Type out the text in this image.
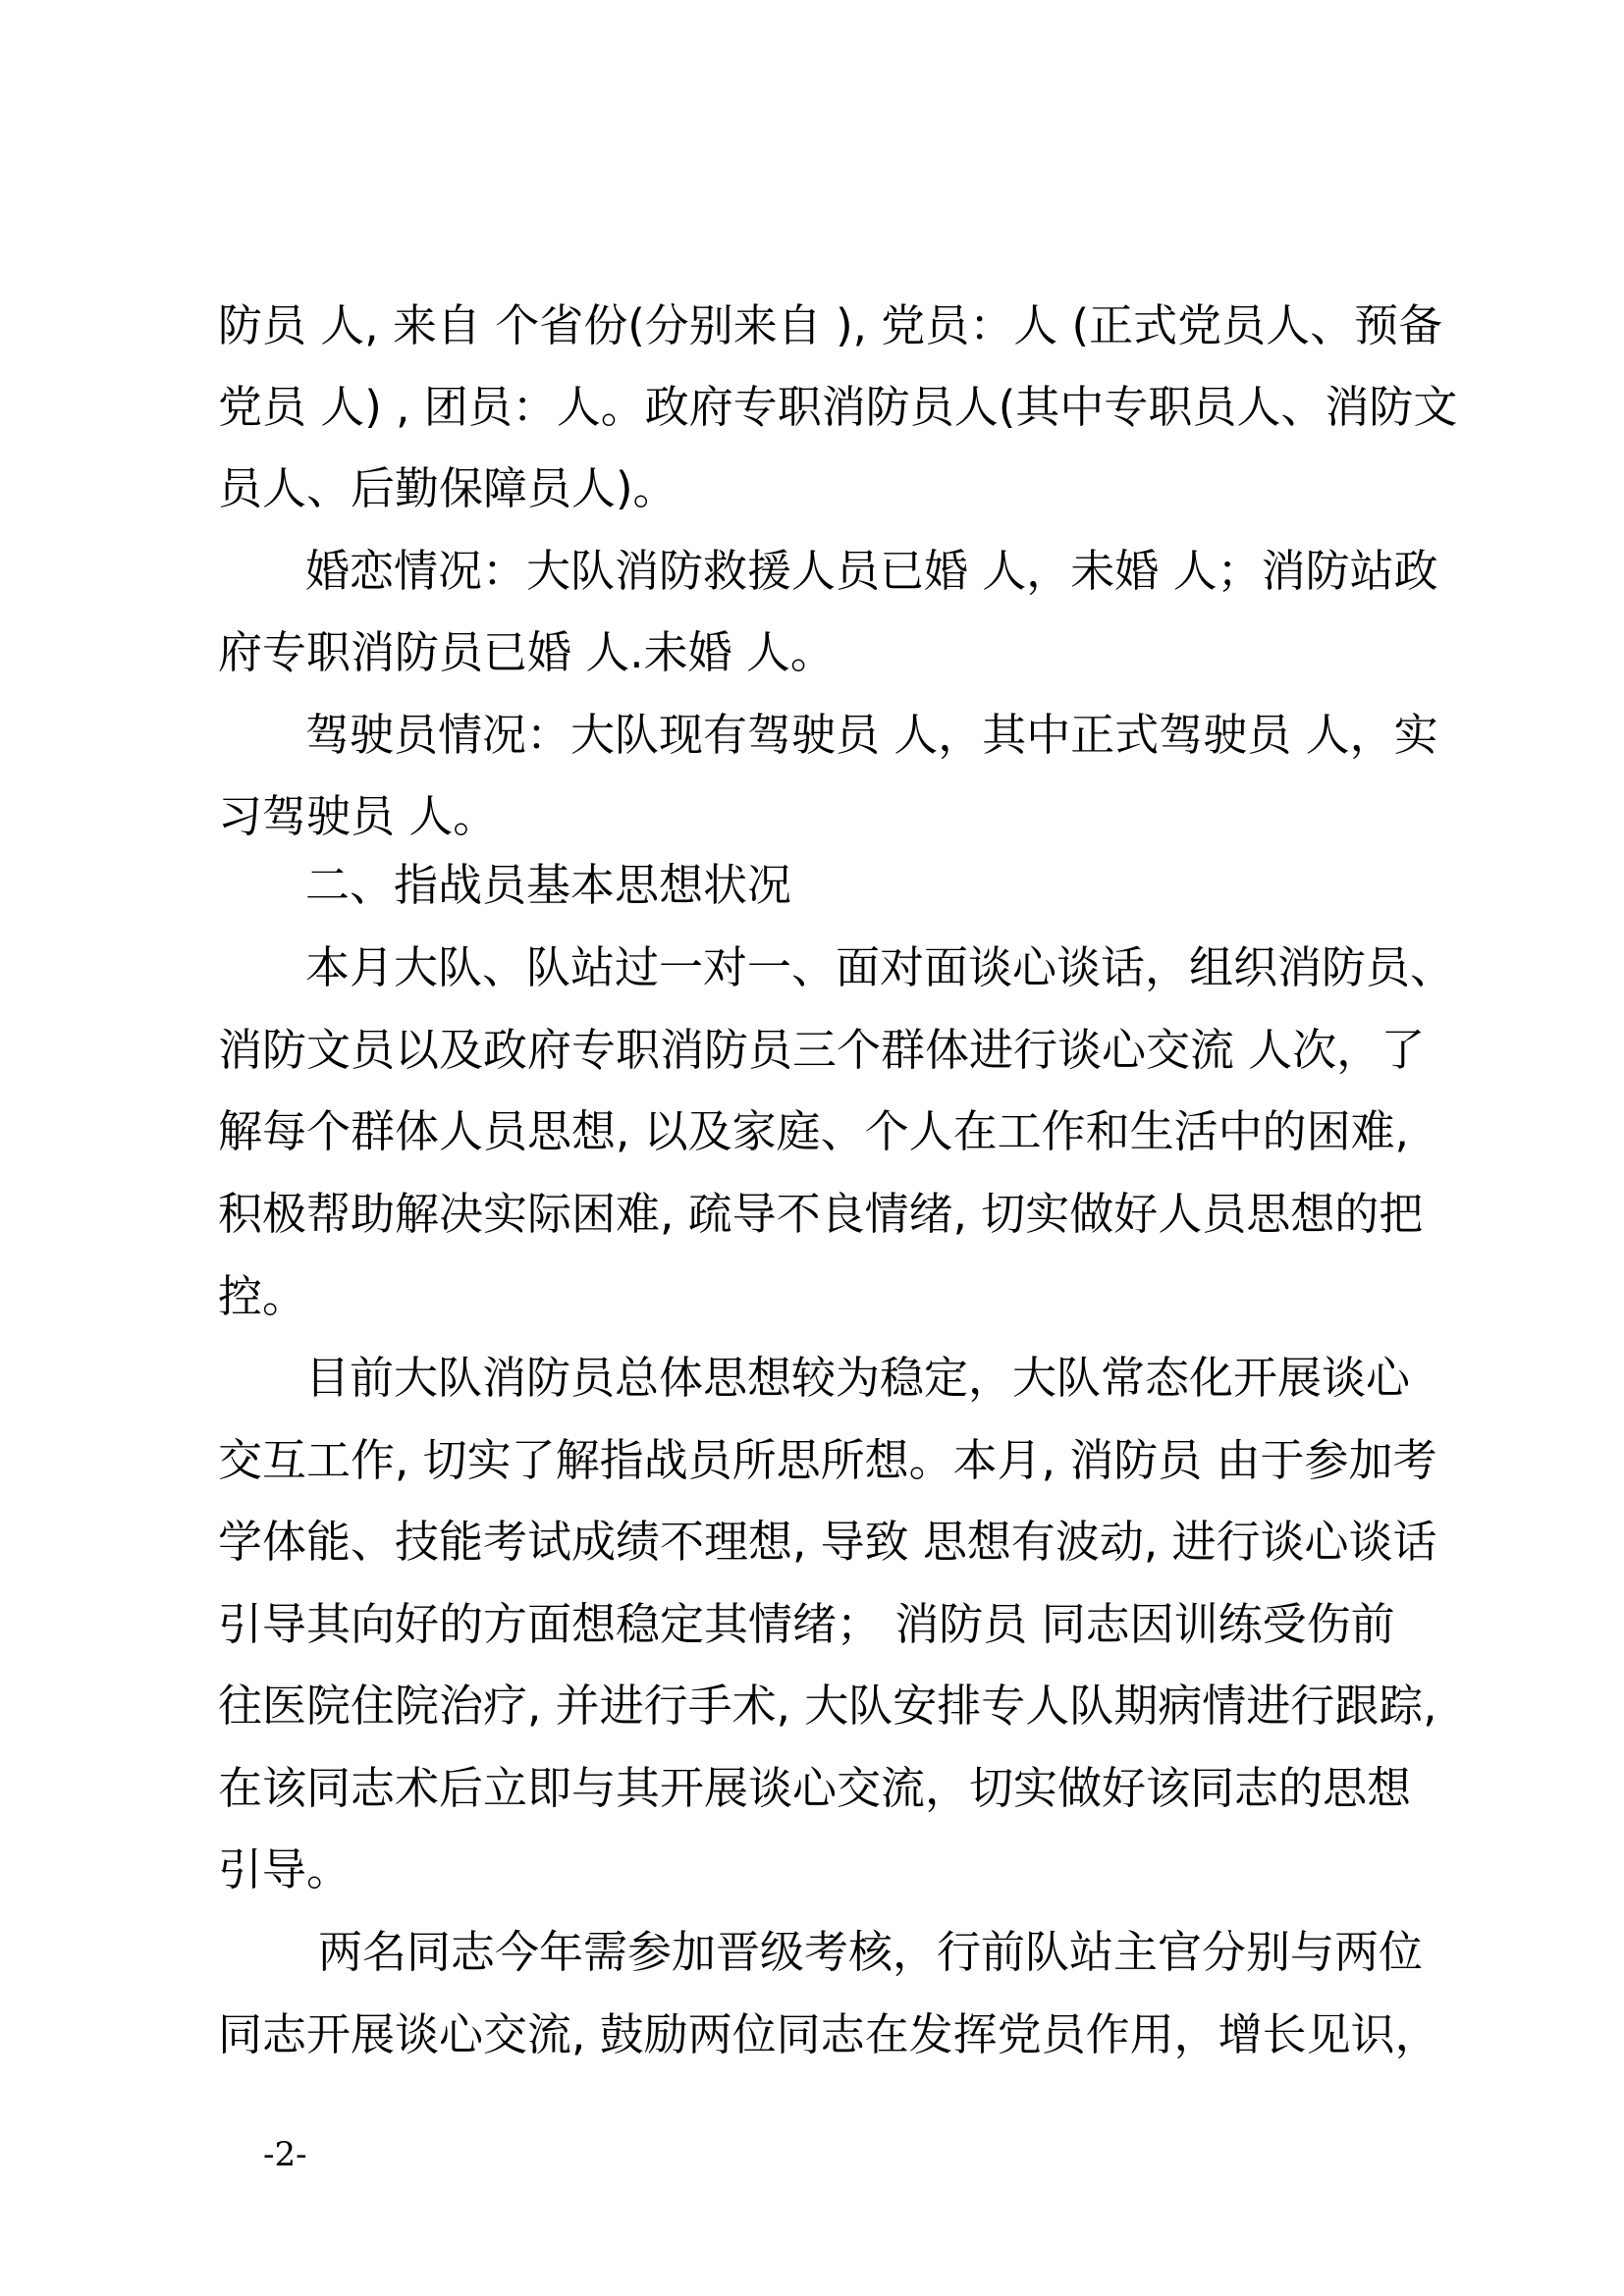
防员 人, 来自 个省份(分别来自 ), 党员：人 (正式党员人、预备
党员 人) , 团员：人。政府专职消防员人(其中专职员人、消防文
员人、后勤保障员人)。
婚恋情况：大队消防救援人员已婚 人，未婚 人；消防站政
府专职消防员已婚 人.未婚 人。
驾驶员情况：大队现有驾驶员 人，其中正式驾驶员 人，实
习驾驶员 人。
二、指战员基本思想状况
本月大队、队站过一对一、面对面谈心谈话，组织消防员、
消防文员以及政府专职消防员三个群体进行谈心交流 人次，了
解每个群体人员思想, 以及家庭、个人在工作和生活中的困难,
积极帮助解决实际困难, 疏导不良情绪, 切实做好人员思想的把
控。
目前大队消防员总体思想较为稳定，大队常态化开展谈心
交互工作, 切实了解指战员所思所想。本月, 消防员 由于参加考
学体能、技能考试成绩不理想, 导致 思想有波动, 进行谈心谈话
引导其向好的方面想稳定其情绪； 消防员 同志因训练受伤前
往医院住院治疗, 并进行手术, 大队安排专人队期病情进行跟踪,
在该同志术后立即与其开展谈心交流，切实做好该同志的思想
引导。
两名同志今年需参加晋级考核，行前队站主官分别与两位
同志开展谈心交流, 鼓励两位同志在发挥党员作用，增长见识，
-2-
